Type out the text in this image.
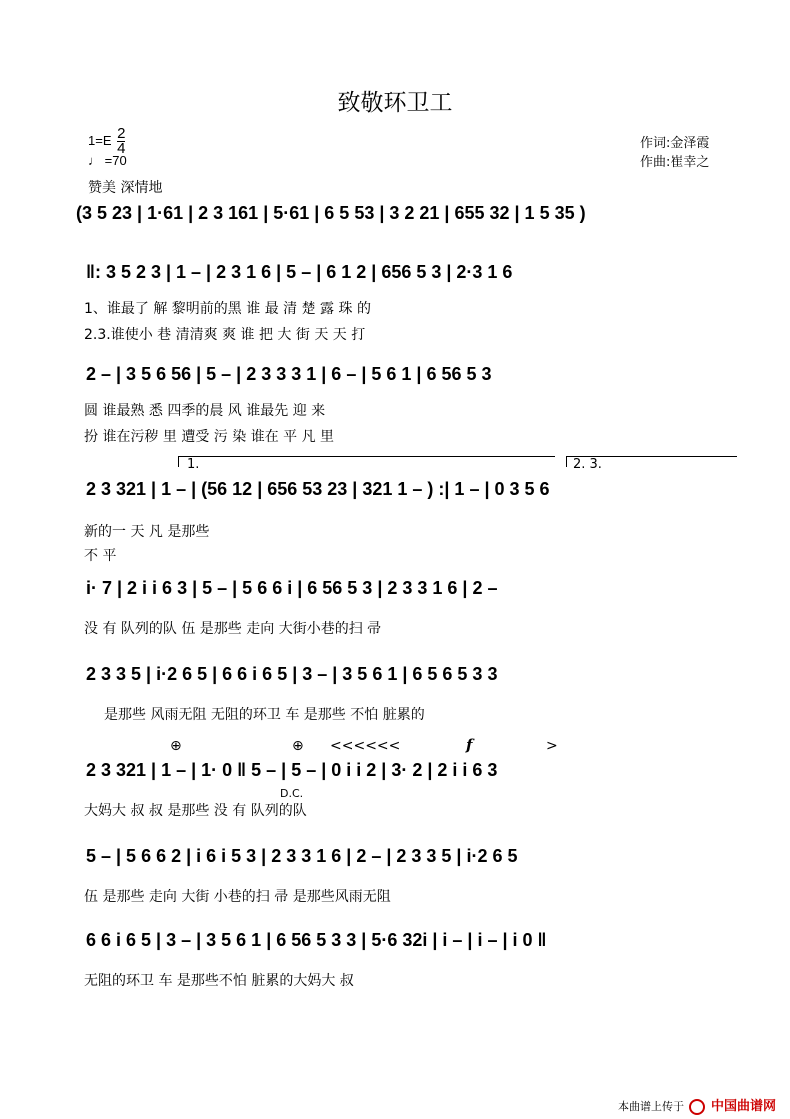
致敬环卫工
$1=E \frac{2}{4}$
♩ =70
赞美 深情地
作词:金泽霞
作曲:崔幸之
(3 5 23 | 1·61 | 2 3 161 | 5·61 | 6 5 53 | 3 2 21 | 655 32 | 1 5 35 )
‖: 3 5 2 3 | 1 – | 2 3 1 6 | 5 – | 6 1 2 | 656 5 3 | 2·3 1 6
1、谁最了 解 黎明前的黑 谁 最 清 楚 露 珠 的
2.3.谁使小 巷 清清爽 爽 谁 把 大 街 天 天 打
2 – | 3 5 6 56 | 5 – | 2 3 3 3 1 | 6 – | 5 6 1 | 6 56 5 3
圆 谁最熟 悉 四季的晨 风 谁最先 迎 来
扮 谁在污秽 里 遭受 污 染 谁在 平 凡 里
1.	2. 3.
2 3 321 | 1 – | (56 12 | 656 53 23 | 321 1 – ) :| 1 – | 0 3 5 6
新的一 天 凡 是那些
不 平
i· 7 | 2 i i 6 3 | 5 – | 5 6 6 i | 6 56 5 3 | 2 3 3 1 6 | 2 –
没 有 队列的队 伍 是那些 走向 大街小巷的扫 帚
2 3 3 5 | i·2 6 5 | 6 6 i 6 5 | 3 – | 3 5 6 1 | 6 5 6 5 3 3
是那些 风雨无阻 无阻的环卫 车 是那些 不怕 脏累的
⊕	⊕ <<<<<<	f	>
2 3 321 | 1 – | 1· 0 ‖ 5 – | 5 – | 0 i i 2 | 3· 2 | 2 i i 6 3
D.C.
大妈大 叔 叔 是那些 没 有 队列的队
5 – | 5 6 6 2 | i 6 i 5 3 | 2 3 3 1 6 | 2 – | 2 3 3 5 | i·2 6 5
伍 是那些 走向 大街 小巷的扫 帚 是那些风雨无阻
6 6 i 6 5 | 3 – | 3 5 6 1 | 6 56 5 3 3 | 5·6 32i | i – | i – | i 0 ‖
无阻的环卫 车 是那些不怕 脏累的大妈大 叔
本曲谱上传于 中国曲谱网
